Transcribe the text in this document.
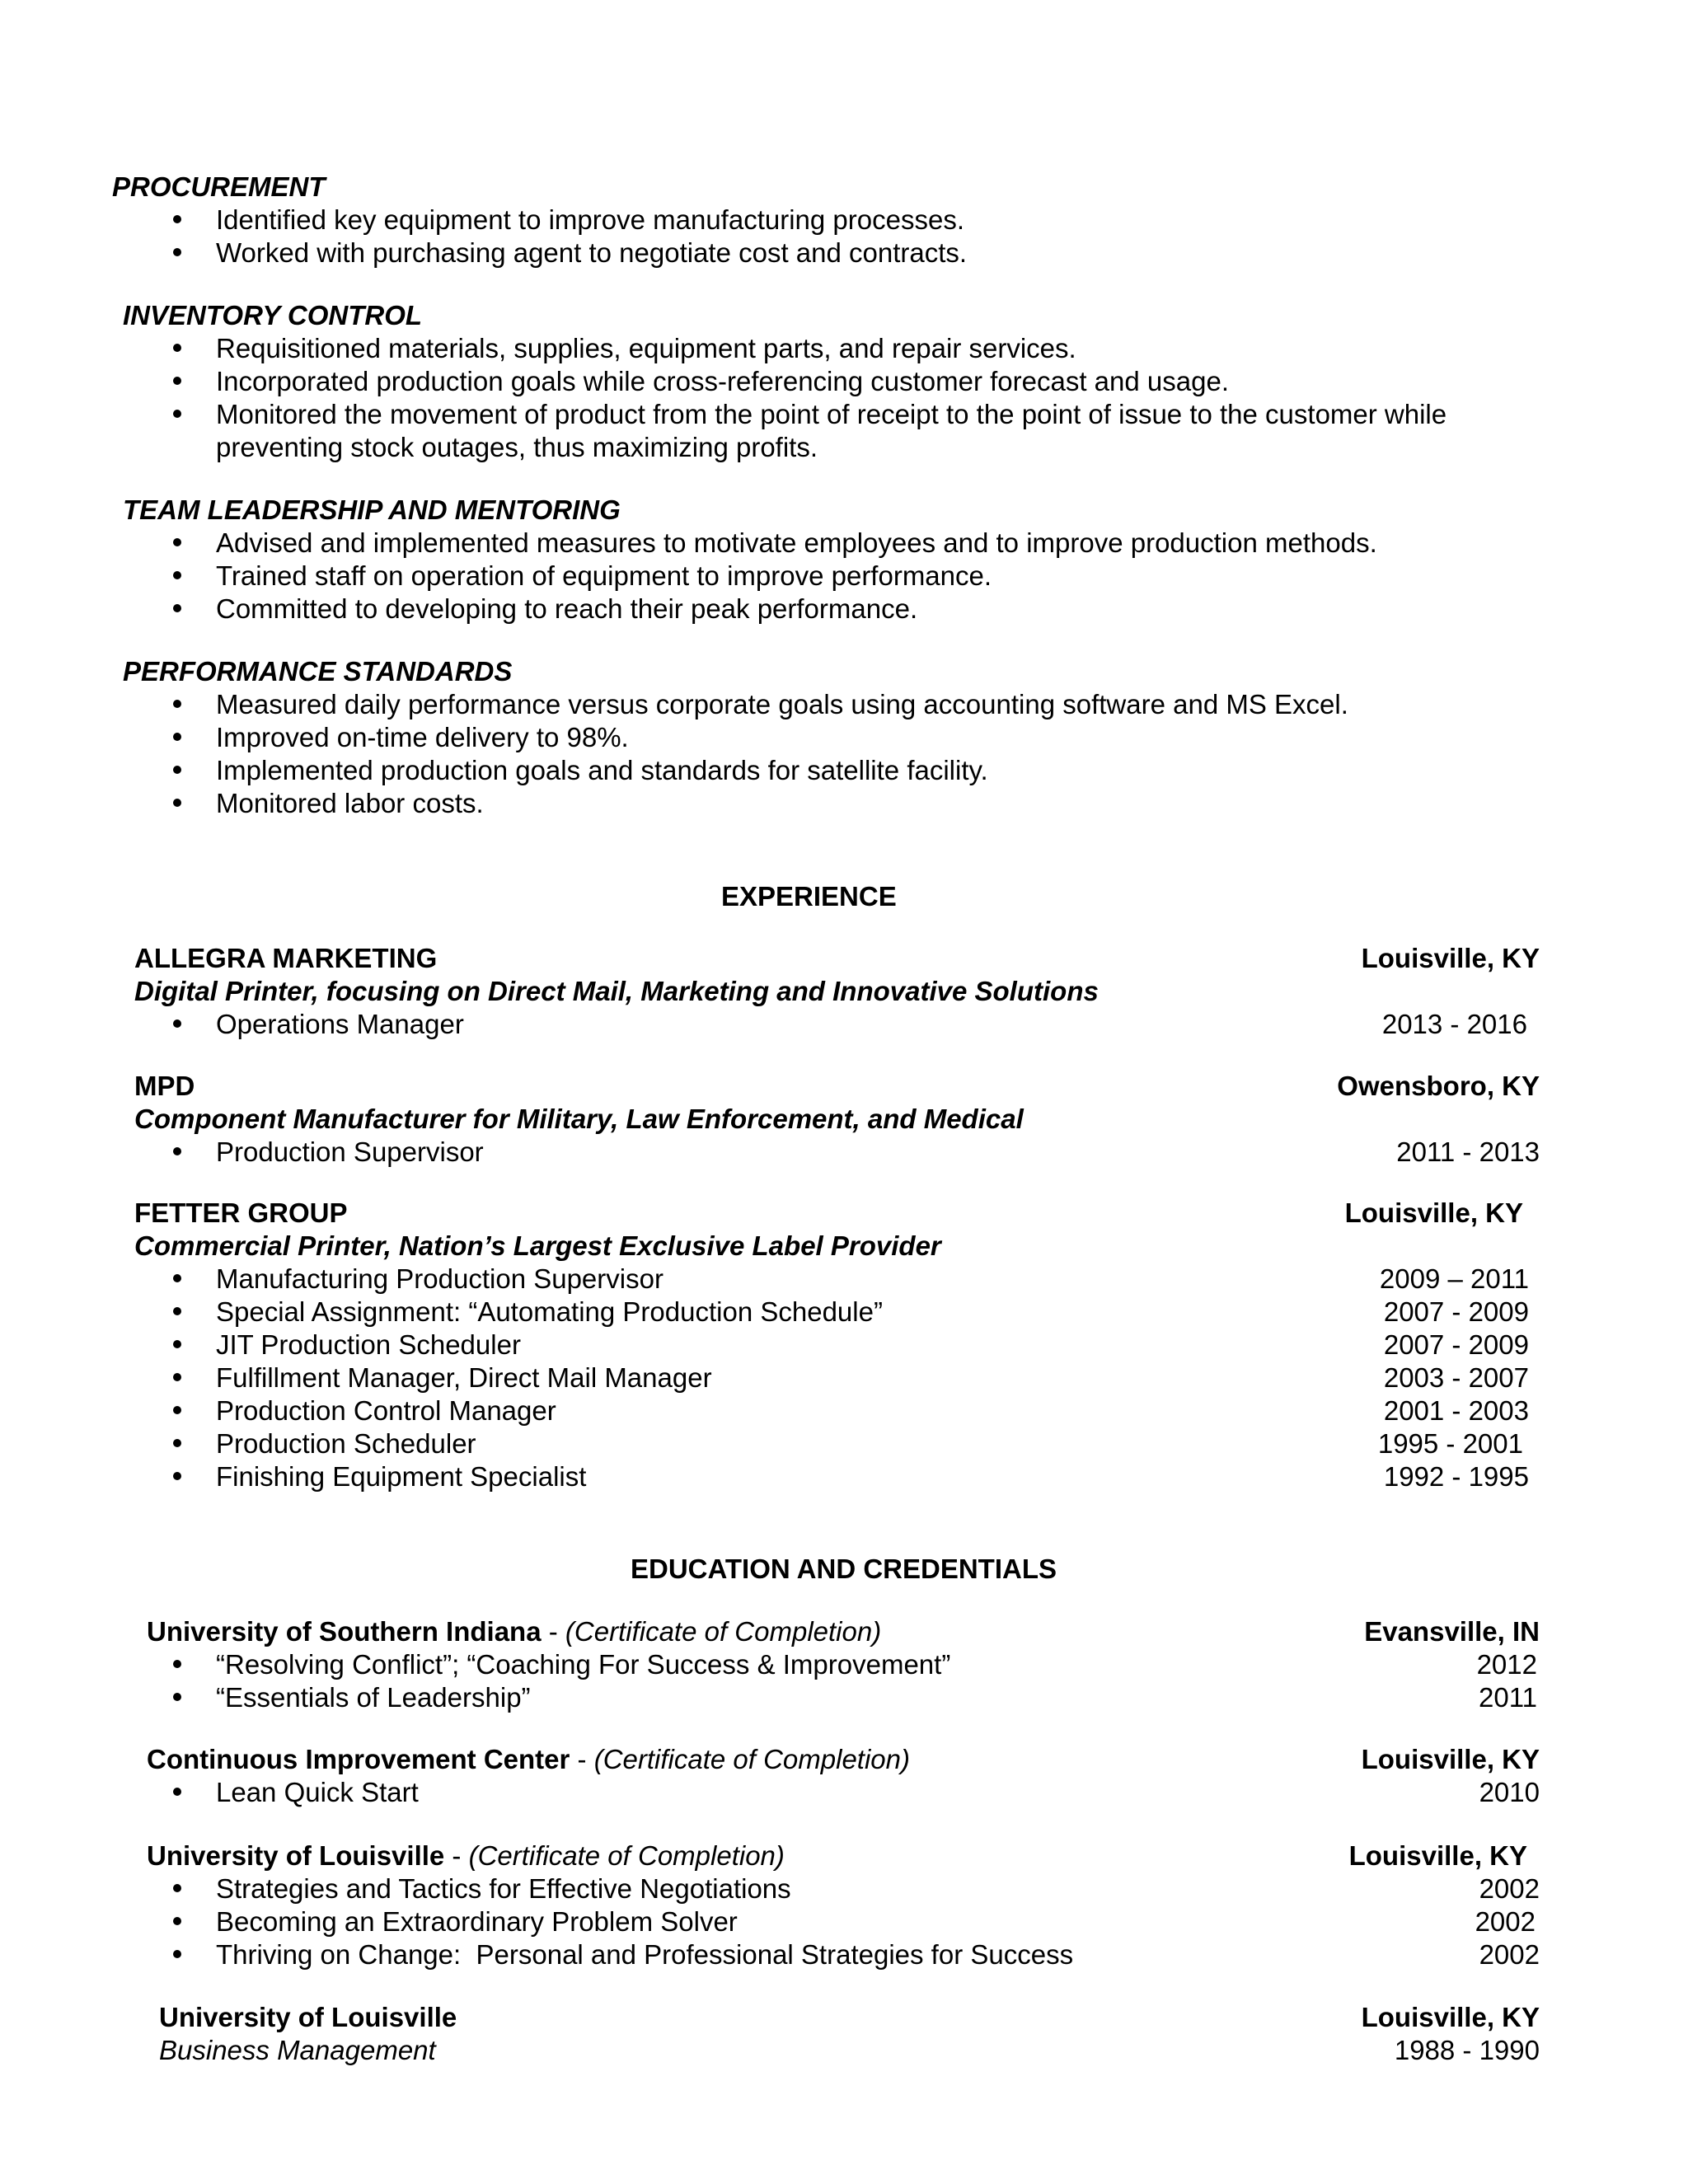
PROCUREMENT
Identified key equipment to improve manufacturing processes.
Worked with purchasing agent to negotiate cost and contracts.
INVENTORY CONTROL
Requisitioned materials, supplies, equipment parts, and repair services.
Incorporated production goals while cross-referencing customer forecast and usage.
Monitored the movement of product from the point of receipt to the point of issue to the customer while
preventing stock outages, thus maximizing profits.
TEAM LEADERSHIP AND MENTORING
Advised and implemented measures to motivate employees and to improve production methods.
Trained staff on operation of equipment to improve performance.
Committed to developing to reach their peak performance.
PERFORMANCE STANDARDS
Measured daily performance versus corporate goals using accounting software and MS Excel.
Improved on-time delivery to 98%.
Implemented production goals and standards for satellite facility.
Monitored labor costs.
EXPERIENCE
ALLEGRA MARKETING	Louisville, KY
Digital Printer, focusing on Direct Mail, Marketing and Innovative Solutions
Operations Manager	2013 - 2016
MPD	Owensboro, KY
Component Manufacturer for Military, Law Enforcement, and Medical
Production Supervisor	2011 - 2013
FETTER GROUP	Louisville, KY
Commercial Printer, Nation’s Largest Exclusive Label Provider
Manufacturing Production Supervisor	2009 – 2011
Special Assignment: “Automating Production Schedule”	2007 - 2009
JIT Production Scheduler	2007 - 2009
Fulfillment Manager, Direct Mail Manager	2003 - 2007
Production Control Manager	2001 - 2003
Production Scheduler	1995 - 2001
Finishing Equipment Specialist	1992 - 1995
EDUCATION AND CREDENTIALS
University of Southern Indiana - (Certificate of Completion)	Evansville, IN
“Resolving Conflict”; “Coaching For Success & Improvement”	2012
“Essentials of Leadership”	2011
Continuous Improvement Center - (Certificate of Completion)	Louisville, KY
Lean Quick Start	2010
University of Louisville - (Certificate of Completion)	Louisville, KY
Strategies and Tactics for Effective Negotiations	2002
Becoming an Extraordinary Problem Solver	2002
Thriving on Change:  Personal and Professional Strategies for Success	2002
University of Louisville	Louisville, KY
Business Management	1988 - 1990
